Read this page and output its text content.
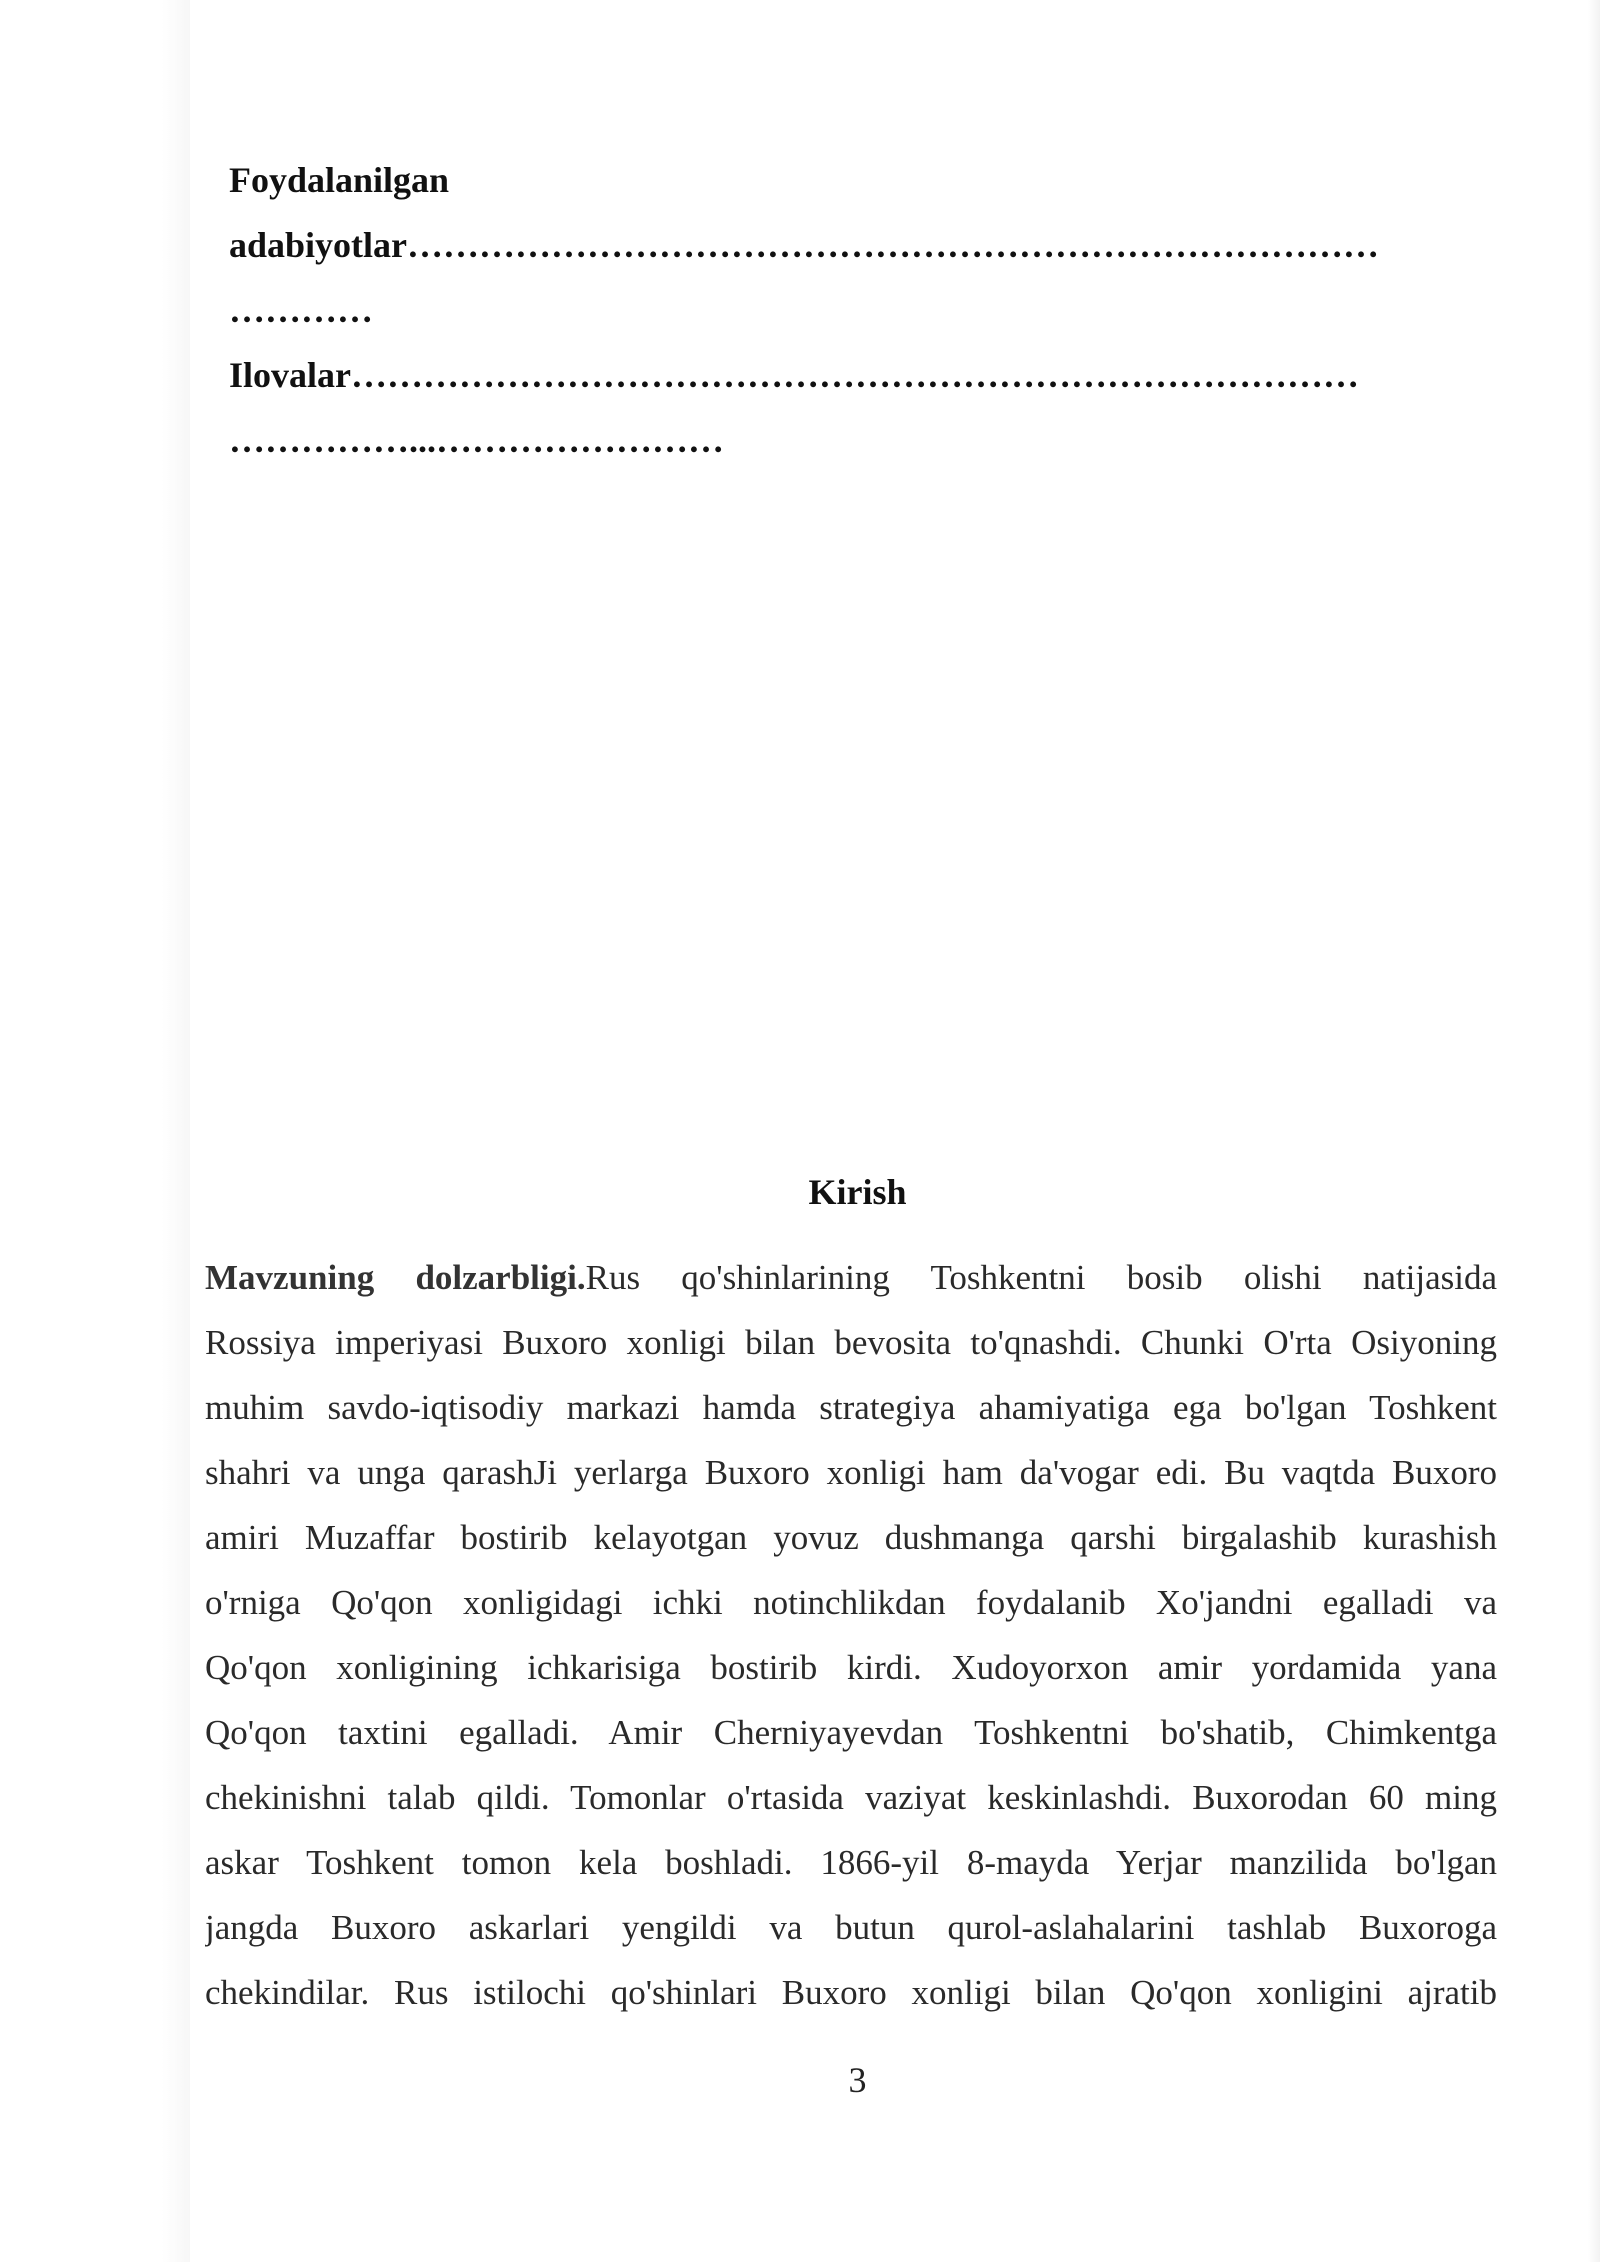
Foydalanilgan
adabiyotlar………………………………………………………………………
…………
Ilovalar…………………………………………………………………………
……………...……………………
Kirish
Mavzuning dolzarbligi.Rus qo'shinlarining Toshkentni bosib olishi natijasida
Rossiya imperiyasi Buxoro xonligi bilan bevosita to'qnashdi. Chunki O'rta Osiyoning
muhim savdo-iqtisodiy markazi hamda strategiya ahamiyatiga ega bo'lgan Toshkent
shahri va unga qarashJi yerlarga Buxoro xonligi ham da'vogar edi. Bu vaqtda Buxoro
amiri Muzaffar bostirib kelayotgan yovuz dushmanga qarshi birgalashib kurashish
o'rniga Qo'qon xonligidagi ichki notinchlikdan foydalanib Xo'jandni egalladi va
Qo'qon xonligining ichkarisiga bostirib kirdi. Xudoyorxon amir yordamida yana
Qo'qon taxtini egalladi. Amir Cherniyayevdan Toshkentni bo'shatib, Chimkentga
chekinishni talab qildi. Tomonlar o'rtasida vaziyat keskinlashdi. Buxorodan 60 ming
askar Toshkent tomon kela boshladi. 1866-yil 8-mayda Yerjar manzilida bo'lgan
jangda Buxoro askarlari yengildi va butun qurol-aslahalarini tashlab Buxoroga
chekindilar. Rus istilochi qo'shinlari Buxoro xonligi bilan Qo'qon xonligini ajratib
3
